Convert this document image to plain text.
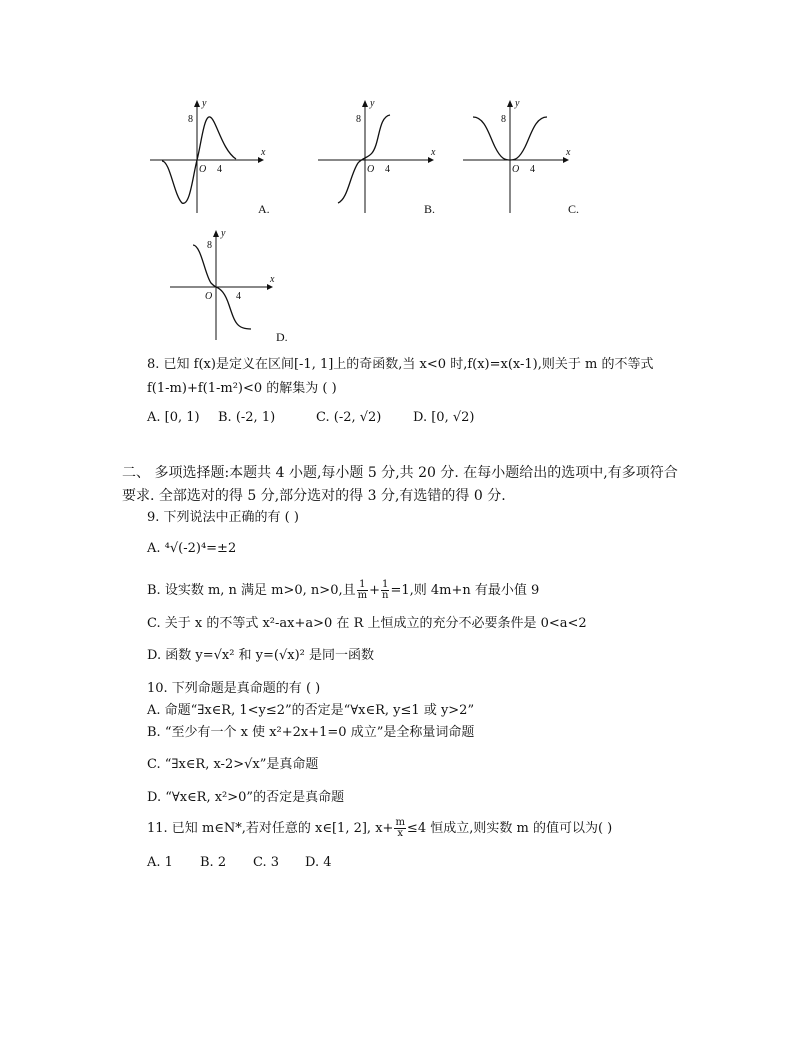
y
x
8
4
O
A.
y
x
8
4
O
B.
y
x
8
4
O
C.
y
x
8
4
O
D.
8. 已知 f(x)是定义在区间[-1, 1]上的奇函数,当 x<0 时,f(x)=x(x-1),则关于 m 的不等式
f(1-m)+f(1-m²)<0 的解集为 ( )
A. [0, 1) B. (-2, 1)	C. (-2, √2) D. [0, √2)
二、 多项选择题:本题共 4 小题,每小题 5 分,共 20 分. 在每小题给出的选项中,有多项符合
要求. 全部选对的得 5 分,部分选对的得 3 分,有选错的得 0 分.
9. 下列说法中正确的有 ( )
A. ⁴√(-2)⁴=±2
B. 设实数 m, n 满足 m>0, n>0,且 $\frac{1}{m} + \frac{1}{n} =1$,则 4m+n 有最小值 9
C. 关于 x 的不等式 x²-ax+a>0 在 R 上恒成立的充分不必要条件是 0<a<2
D. 函数 y=√x² 和 y=(√x)² 是同一函数
10. 下列命题是真命题的有 ( )
A. 命题“∃x∈R, 1<y≤2”的否定是“∀x∈R, y≤1 或 y>2”
B. “至少有一个 x 使 x²+2x+1=0 成立”是全称量词命题
C. “∃x∈R, x-2>√x”是真命题
D. “∀x∈R, x²>0”的否定是真命题
11. 已知 m∈N*,若对任意的 x∈[1, 2], $x+ \frac{m}{x} \le 4$ 恒成立,则实数 m 的值可以为( )
A. 1 B. 2 C. 3 D. 4
